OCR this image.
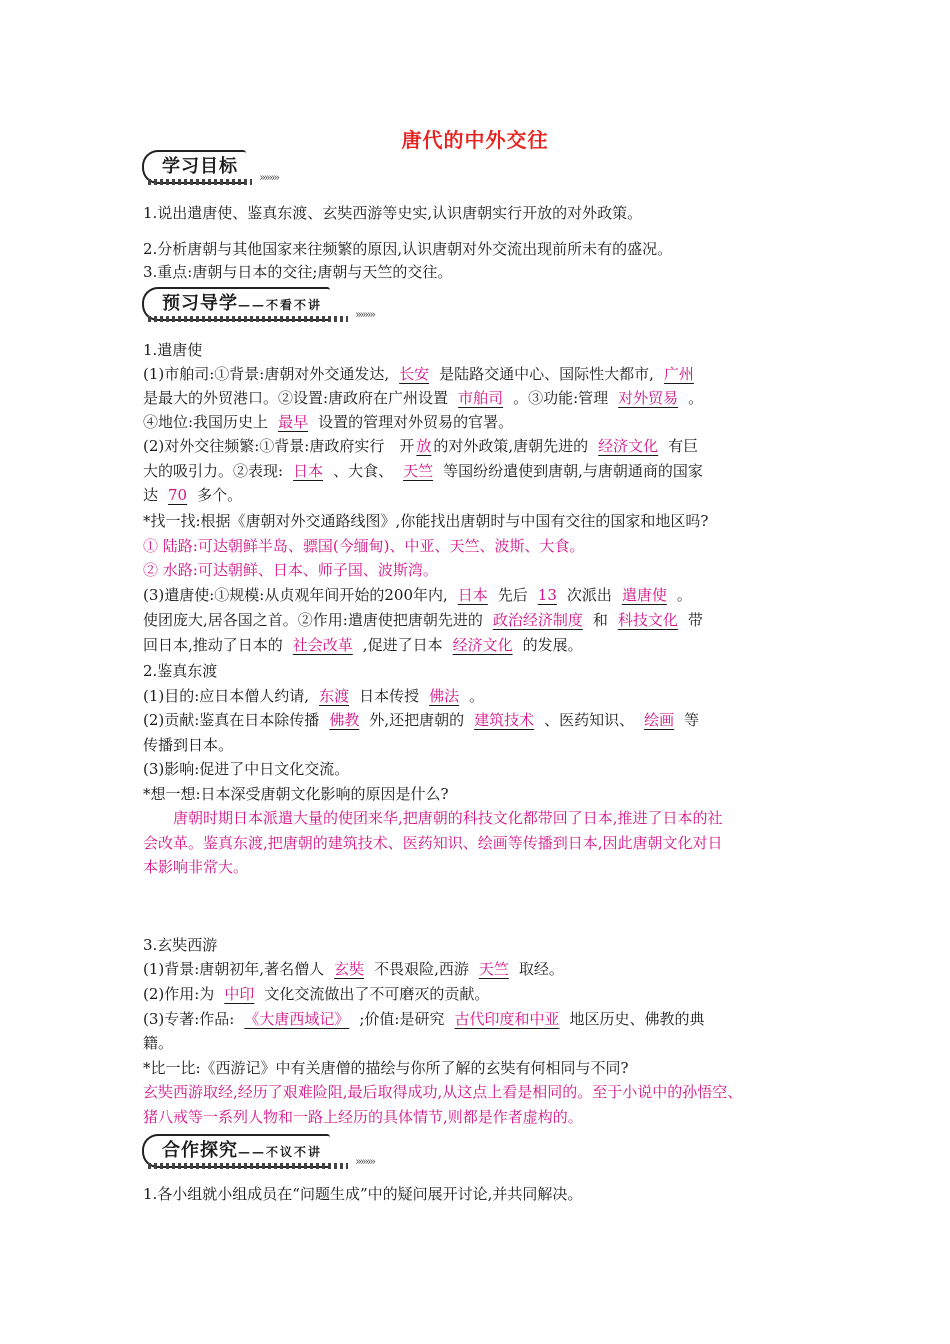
唐代的中外交往
学习目标
»»»»
1.说出遣唐使、鉴真东渡、玄奘西游等史实,认识唐朝实行开放的对外政策。
2.分析唐朝与其他国家来往频繁的原因,认识唐朝对外交流出现前所未有的盛况。
3.重点:唐朝与日本的交往;唐朝与天竺的交往。
预习导学——不看不讲
»»»»
1.遣唐使
(1)市舶司:①背景:唐朝对外交通发达, 长安 是陆路交通中心、国际性大都市, 广州
是最大的外贸港口。②设置:唐政府在广州设置 市舶司 。③功能:管理 对外贸易 。
④地位:我国历史上 最早 设置的管理对外贸易的官署。
(2)对外交往频繁:①背景:唐政府实行　开 放 的对外政策,唐朝先进的 经济文化 有巨
大的吸引力。②表现: 日本 、大食、 天竺 等国纷纷遣使到唐朝,与唐朝通商的国家
达 70 多个。
*找一找:根据《唐朝对外交通路线图》,你能找出唐朝时与中国有交往的国家和地区吗?
① 陆路:可达朝鲜半岛、骠国(今缅甸)、中亚、天竺、波斯、大食。
② 水路:可达朝鲜、日本、师子国、波斯湾。
(3)遣唐使:①规模:从贞观年间开始的200年内, 日本 先后 13 次派出 遣唐使 。
使团庞大,居各国之首。②作用:遣唐使把唐朝先进的 政治经济制度 和 科技文化 带
回日本,推动了日本的 社会改革 ,促进了日本 经济文化 的发展。
2.鉴真东渡
(1)目的:应日本僧人约请, 东渡 日本传授 佛法 。
(2)贡献:鉴真在日本除传播 佛教 外,还把唐朝的 建筑技术 、医药知识、 绘画 等
传播到日本。
(3)影响:促进了中日文化交流。
*想一想:日本深受唐朝文化影响的原因是什么?
　　唐朝时期日本派遣大量的使团来华,把唐朝的科技文化都带回了日本,推进了日本的社
会改革。鉴真东渡,把唐朝的建筑技术、医药知识、绘画等传播到日本,因此唐朝文化对日
本影响非常大。
3.玄奘西游
(1)背景:唐朝初年,著名僧人 玄奘 不畏艰险,西游 天竺 取经。
(2)作用:为 中印 文化交流做出了不可磨灭的贡献。
(3)专著:作品: 《大唐西域记》 ;价值:是研究 古代印度和中亚 地区历史、佛教的典
籍。
*比一比:《西游记》中有关唐僧的描绘与你所了解的玄奘有何相同与不同?
玄奘西游取经,经历了艰难险阻,最后取得成功,从这点上看是相同的。至于小说中的孙悟空、
猪八戒等一系列人物和一路上经历的具体情节,则都是作者虚构的。
合作探究——不议不讲
»»»»
1.各小组就小组成员在“问题生成”中的疑问展开讨论,并共同解决。
